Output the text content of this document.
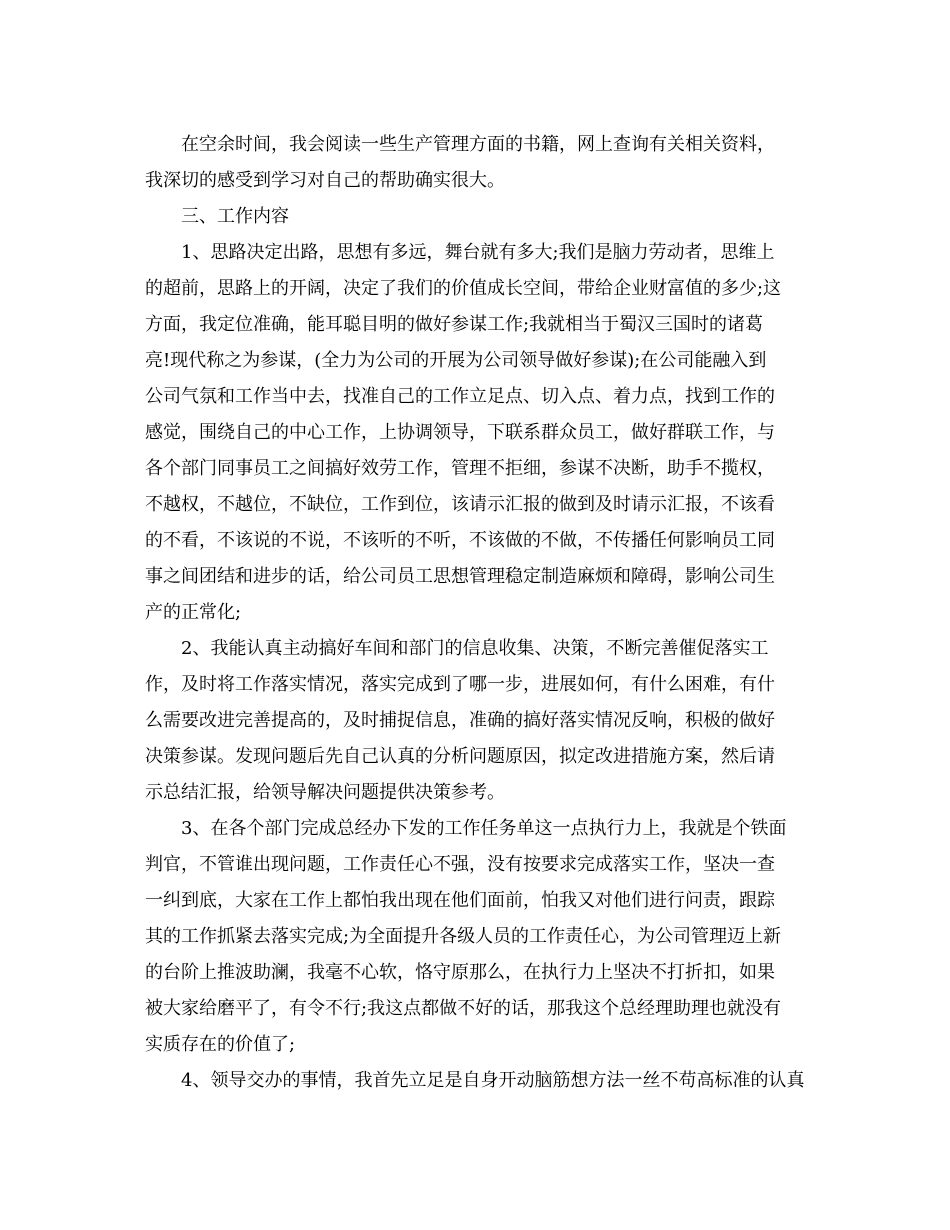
在空余时间，我会阅读一些生产管理方面的书籍，网上查询有关相关资料，
我深切的感受到学习对自己的帮助确实很大。
三、工作内容
1、思路决定出路，思想有多远，舞台就有多大;我们是脑力劳动者，思维上
的超前，思路上的开阔，决定了我们的价值成长空间，带给企业财富值的多少;这
方面，我定位准确，能耳聪目明的做好参谋工作;我就相当于蜀汉三国时的诸葛
亮!现代称之为参谋，(全力为公司的开展为公司领导做好参谋);在公司能融入到
公司气氛和工作当中去，找准自己的工作立足点、切入点、着力点，找到工作的
感觉，围绕自己的中心工作，上协调领导，下联系群众员工，做好群联工作，与
各个部门同事员工之间搞好效劳工作，管理不拒细，参谋不决断，助手不揽权，
不越权，不越位，不缺位，工作到位，该请示汇报的做到及时请示汇报，不该看
的不看，不该说的不说，不该听的不听，不该做的不做，不传播任何影响员工同
事之间团结和进步的话，给公司员工思想管理稳定制造麻烦和障碍，影响公司生
产的正常化;
2、我能认真主动搞好车间和部门的信息收集、决策，不断完善催促落实工
作，及时将工作落实情况，落实完成到了哪一步，进展如何，有什么困难，有什
么需要改进完善提高的，及时捕捉信息，准确的搞好落实情况反响，积极的做好
决策参谋。发现问题后先自己认真的分析问题原因，拟定改进措施方案，然后请
示总结汇报，给领导解决问题提供决策参考。
3、在各个部门完成总经办下发的工作任务单这一点执行力上，我就是个铁面
判官，不管谁出现问题，工作责任心不强，没有按要求完成落实工作，坚决一查
一纠到底，大家在工作上都怕我出现在他们面前，怕我又对他们进行问责，跟踪
其的工作抓紧去落实完成;为全面提升各级人员的工作责任心，为公司管理迈上新
的台阶上推波助澜，我毫不心软，恪守原那么，在执行力上坚决不打折扣，如果
被大家给磨平了，有令不行;我这点都做不好的话，那我这个总经理助理也就没有
实质存在的价值了;
4、领导交办的事情，我首先立足是自身开动脑筋想方法一丝不苟高标准的认真
